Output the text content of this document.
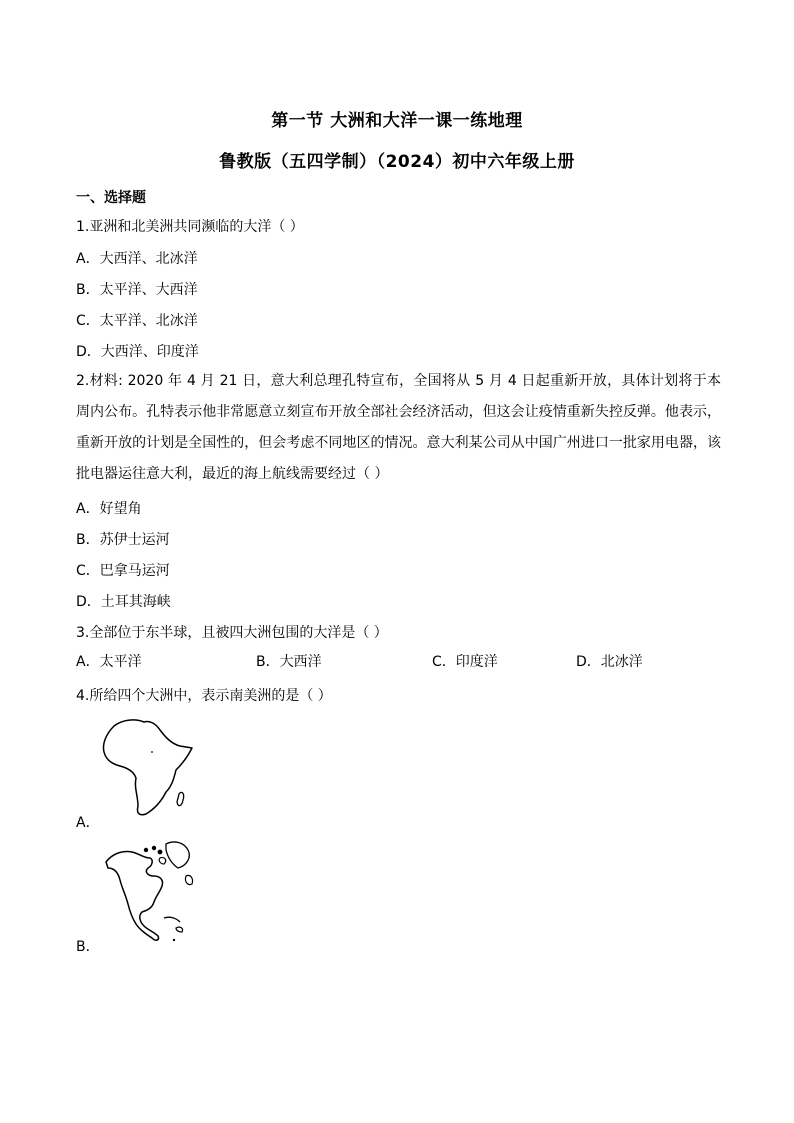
第一节 大洲和大洋一课一练地理
鲁教版（五四学制）（2024）初中六年级上册
一、选择题
1.亚洲和北美洲共同濒临的大洋（ ）
A．大西洋、北冰洋
B．太平洋、大西洋
C．太平洋、北冰洋
D．大西洋、印度洋
2.材料: 2020 年 4 月 21 日，意大利总理孔特宣布，全国将从 5 月 4 日起重新开放，具体计划将于本周内公布。孔特表示他非常愿意立刻宣布开放全部社会经济活动，但这会让疫情重新失控反弹。他表示，重新开放的计划是全国性的，但会考虑不同地区的情况。意大利某公司从中国广州进口一批家用电器，该批电器运往意大利，最近的海上航线需要经过（ ）
A．好望角
B．苏伊士运河
C．巴拿马运河
D．土耳其海峡
3.全部位于东半球，且被四大洲包围的大洋是（ ）
A．太平洋	B．大西洋	C．印度洋	D．北冰洋
4.所给四个大洲中，表示南美洲的是（ ）
A．
B．
